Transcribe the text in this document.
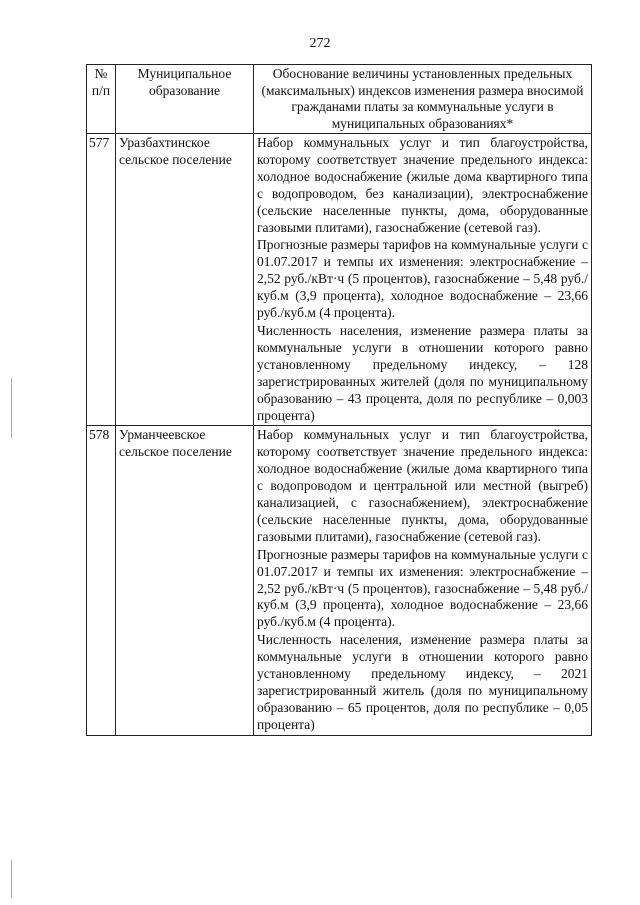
272
№ п/п	Муниципальное образование	Обоснование величины установленных предельных (максимальных) индексов изменения размера вносимой гражданами платы за коммунальные услуги в муниципальных образованиях*
577	Уразбахтинское сельское поселение	Набор коммунальных услуг и тип благоустройства, которому соответствует значение предельного индекса: холодное водоснабжение (жилые дома квартирного типа с водопроводом, без канализации), электроснабжение (сельские населенные пункты, дома, оборудованные газовыми плитами), газоснабжение (сетевой газ).

Прогнозные размеры тарифов на коммунальные услуги с 01.07.2017 и темпы их изменения: электроснабжение – 2,52 руб./кВт·ч (5 процентов), газоснабжение – 5,48 руб./куб.м (3,9 процента), холодное водоснабжение – 23,66 руб./куб.м (4 процента).

Численность населения, изменение размера платы за коммунальные услуги в отношении которого равно установленному предельному индексу, – 128 зарегистрированных жителей (доля по муниципальному образованию – 43 процента, доля по республике – 0,003 процента)

578	Урманчеевское сельское поселение	Набор коммунальных услуг и тип благоустройства, которому соответствует значение предельного индекса: холодное водоснабжение (жилые дома квартирного типа с водопроводом и центральной или местной (выгреб) канализацией, с газоснабжением), электроснабжение (сельские населенные пункты, дома, оборудованные газовыми плитами), газоснабжение (сетевой газ).

Прогнозные размеры тарифов на коммунальные услуги с 01.07.2017 и темпы их изменения: электроснабжение – 2,52 руб./кВт·ч (5 процентов), газоснабжение – 5,48 руб./куб.м (3,9 процента), холодное водоснабжение – 23,66 руб./куб.м (4 процента).

Численность населения, изменение размера платы за коммунальные услуги в отношении которого равно установленному предельному индексу, – 2021 зарегистрированный житель (доля по муниципальному образованию – 65 процентов, доля по республике – 0,05 процента)
